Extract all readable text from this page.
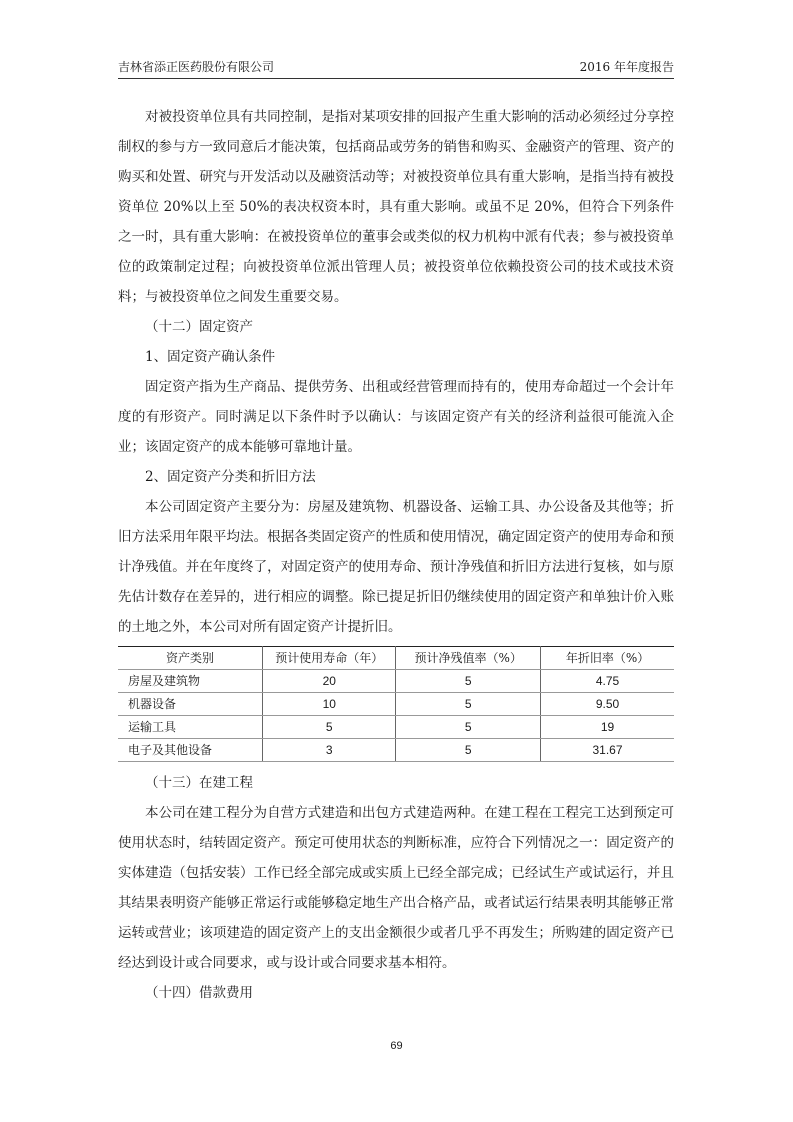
吉林省添正医药股份有限公司	2016 年年度报告

对被投资单位具有共同控制，是指对某项安排的回报产生重大影响的活动必须经过分享控制权的参与方一致同意后才能决策，包括商品或劳务的销售和购买、金融资产的管理、资产的购买和处置、研究与开发活动以及融资活动等；对被投资单位具有重大影响，是指当持有被投资单位 20%以上至 50%的表决权资本时，具有重大影响。或虽不足 20%，但符合下列条件之一时，具有重大影响：在被投资单位的董事会或类似的权力机构中派有代表；参与被投资单位的政策制定过程；向被投资单位派出管理人员；被投资单位依赖投资公司的技术或技术资料；与被投资单位之间发生重要交易。

（十二）固定资产

1、固定资产确认条件

固定资产指为生产商品、提供劳务、出租或经营管理而持有的，使用寿命超过一个会计年度的有形资产。同时满足以下条件时予以确认：与该固定资产有关的经济利益很可能流入企业；该固定资产的成本能够可靠地计量。

2、固定资产分类和折旧方法

本公司固定资产主要分为：房屋及建筑物、机器设备、运输工具、办公设备及其他等；折旧方法采用年限平均法。根据各类固定资产的性质和使用情况，确定固定资产的使用寿命和预计净残值。并在年度终了，对固定资产的使用寿命、预计净残值和折旧方法进行复核，如与原先估计数存在差异的，进行相应的调整。除已提足折旧仍继续使用的固定资产和单独计价入账的土地之外，本公司对所有固定资产计提折旧。

资产类别	预计使用寿命（年）	预计净残值率（%）	年折旧率（%）
房屋及建筑物	20	5	4.75
机器设备	10	5	9.50
运输工具	5	5	19
电子及其他设备	3	5	31.67

（十三）在建工程

本公司在建工程分为自营方式建造和出包方式建造两种。在建工程在工程完工达到预定可使用状态时，结转固定资产。预定可使用状态的判断标准，应符合下列情况之一：固定资产的实体建造（包括安装）工作已经全部完成或实质上已经全部完成；已经试生产或试运行，并且其结果表明资产能够正常运行或能够稳定地生产出合格产品，或者试运行结果表明其能够正常运转或营业；该项建造的固定资产上的支出金额很少或者几乎不再发生；所购建的固定资产已经达到设计或合同要求，或与设计或合同要求基本相符。

（十四）借款费用

69
